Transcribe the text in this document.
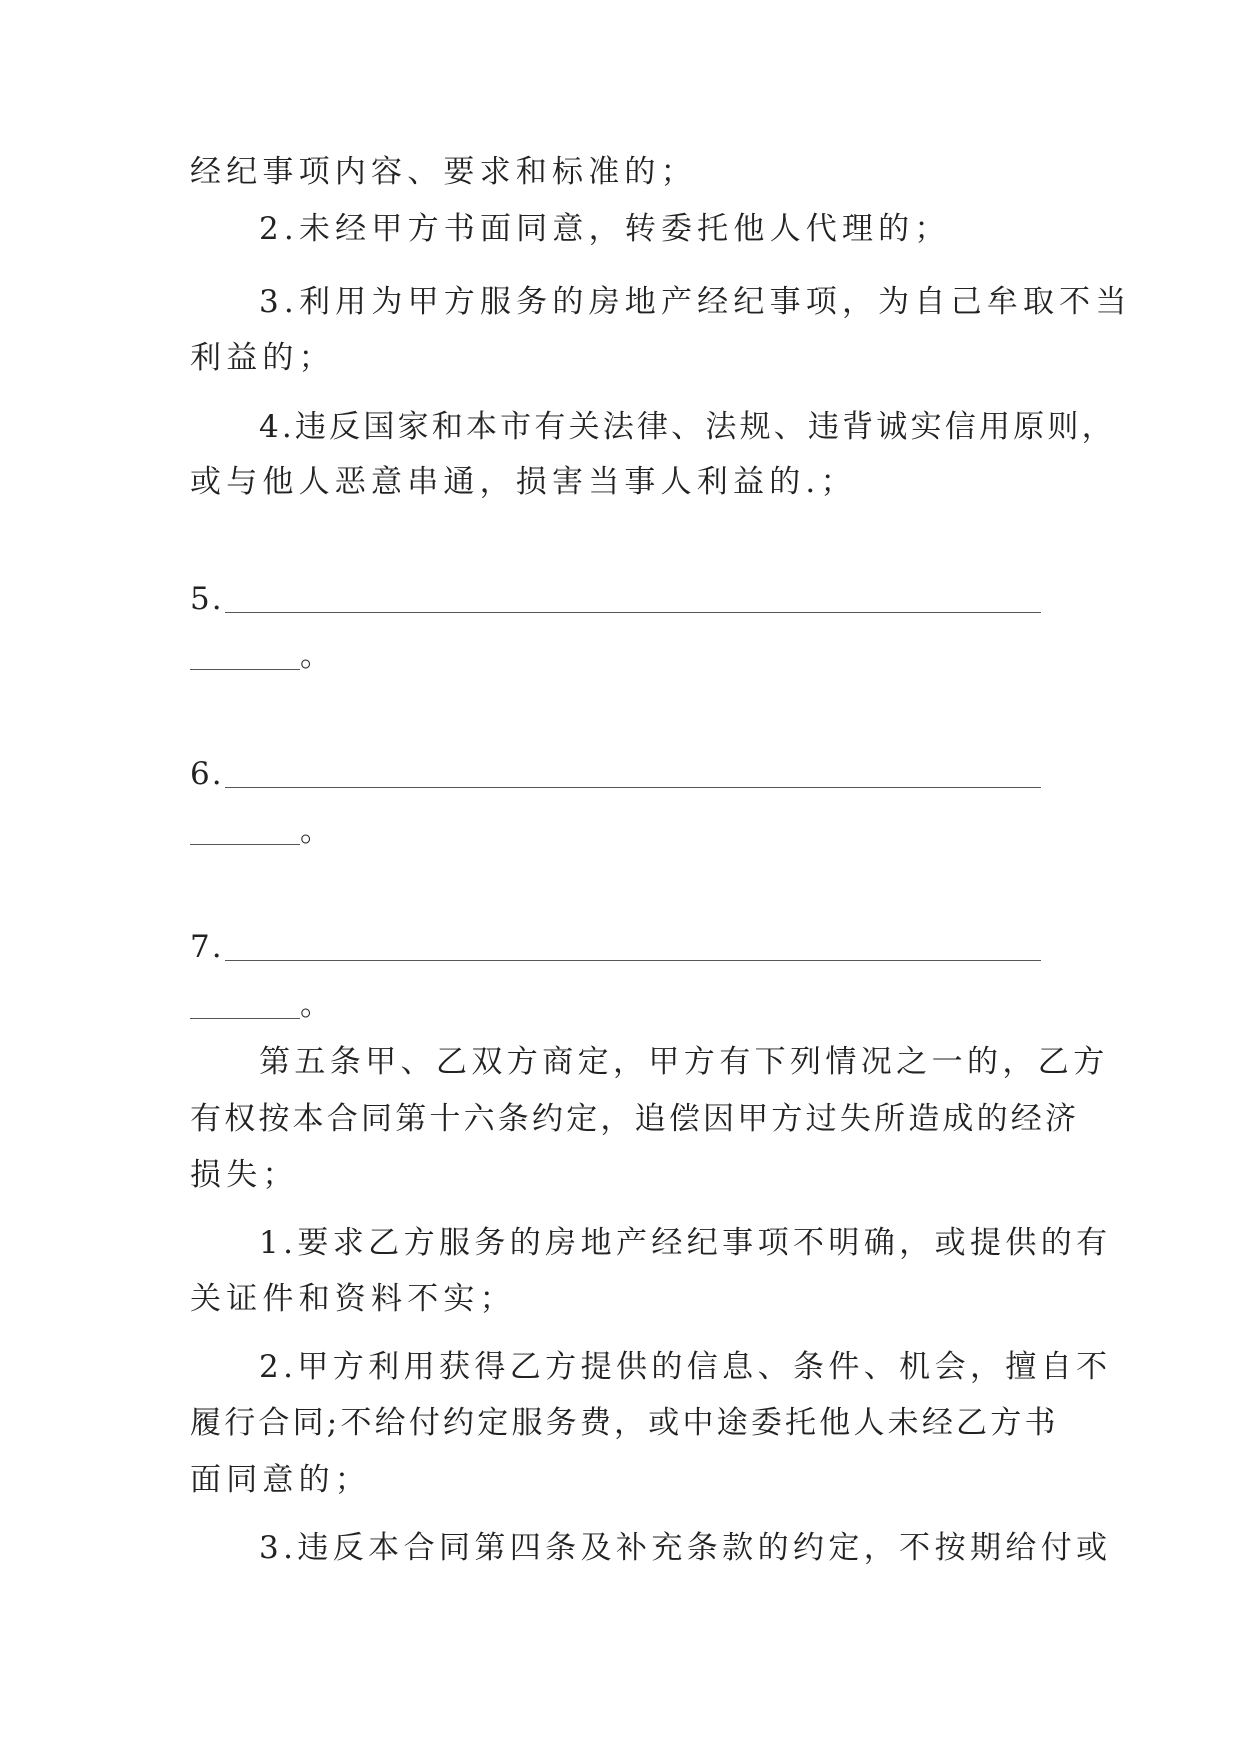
经纪事项内容、要求和标准的；
2.未经甲方书面同意，转委托他人代理的；
3.利用为甲方服务的房地产经纪事项，为自己牟取不当
利益的；
4.违反国家和本市有关法律、法规、违背诚实信用原则，
或与他人恶意串通，损害当事人利益的.；
5.
。
6.
。
7.
。
第五条甲、乙双方商定，甲方有下列情况之一的，乙方
有权按本合同第十六条约定，追偿因甲方过失所造成的经济
损失；
1.要求乙方服务的房地产经纪事项不明确，或提供的有
关证件和资料不实；
2.甲方利用获得乙方提供的信息、条件、机会，擅自不
履行合同;不给付约定服务费，或中途委托他人未经乙方书
面同意的；
3.违反本合同第四条及补充条款的约定，不按期给付或
